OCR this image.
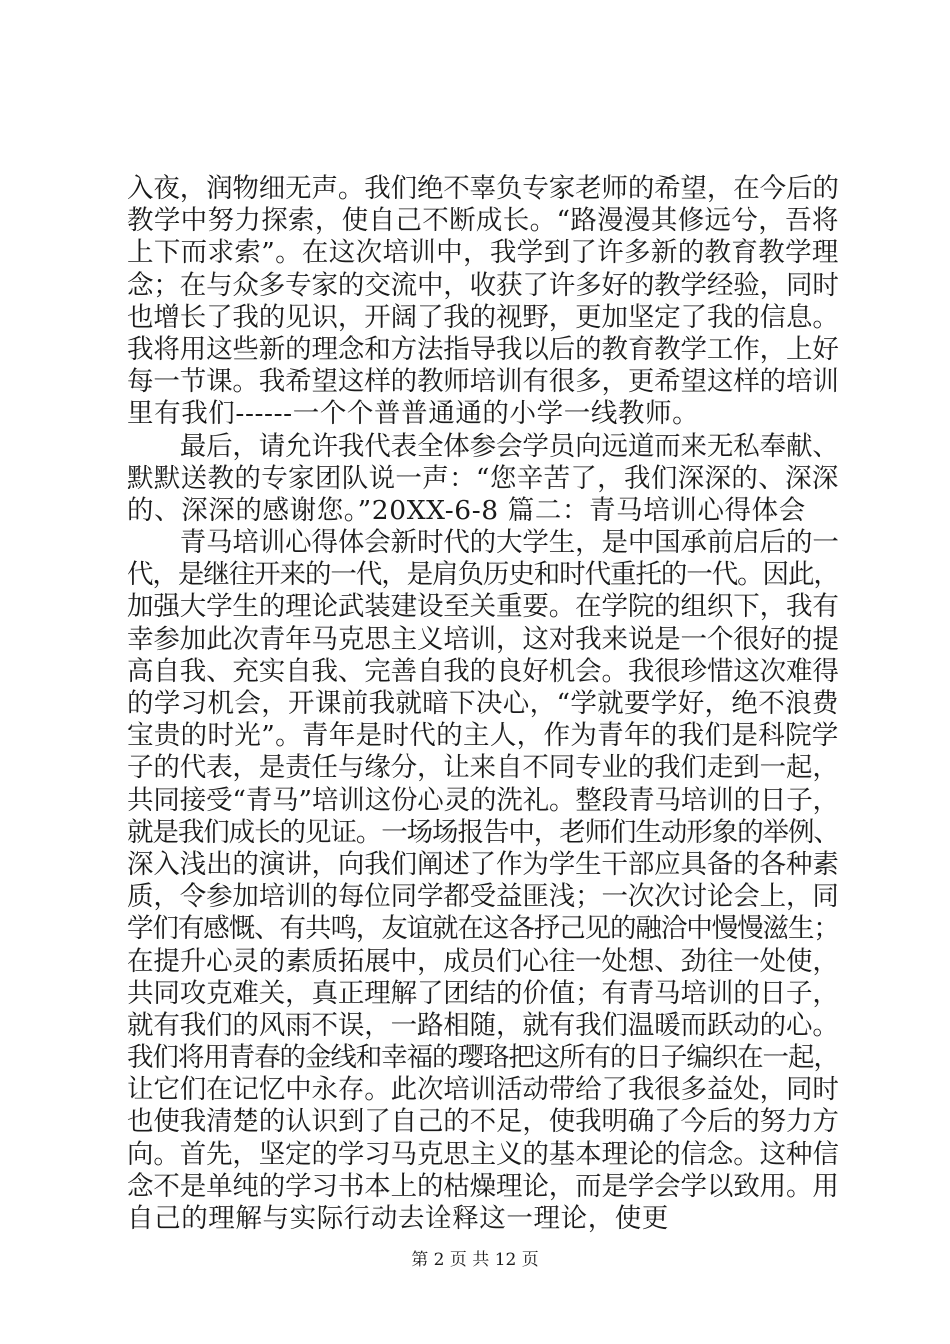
入夜，润物细无声。我们绝不辜负专家老师的希望，在今后的
教学中努力探索，使自己不断成长。“路漫漫其修远兮，吾将
上下而求索”。在这次培训中，我学到了许多新的教育教学理
念；在与众多专家的交流中，收获了许多好的教学经验，同时
也增长了我的见识，开阔了我的视野，更加坚定了我的信息。
我将用这些新的理念和方法指导我以后的教育教学工作，上好
每一节课。我希望这样的教师培训有很多，更希望这样的培训
里有我们------一个个普普通通的小学一线教师。
　　最后，请允许我代表全体参会学员向远道而来无私奉献、
默默送教的专家团队说一声：“您辛苦了，我们深深的、深深
的、深深的感谢您。”20XX-6-8 篇二：青马培训心得体会
　　青马培训心得体会新时代的大学生，是中国承前启后的一
代，是继往开来的一代，是肩负历史和时代重托的一代。因此，
加强大学生的理论武装建设至关重要。在学院的组织下，我有
幸参加此次青年马克思主义培训，这对我来说是一个很好的提
高自我、充实自我、完善自我的良好机会。我很珍惜这次难得
的学习机会，开课前我就暗下决心，“学就要学好，绝不浪费
宝贵的时光”。青年是时代的主人，作为青年的我们是科院学
子的代表，是责任与缘分，让来自不同专业的我们走到一起，
共同接受“青马”培训这份心灵的洗礼。整段青马培训的日子，
就是我们成长的见证。一场场报告中，老师们生动形象的举例、
深入浅出的演讲，向我们阐述了作为学生干部应具备的各种素
质，令参加培训的每位同学都受益匪浅；一次次讨论会上，同
学们有感慨、有共鸣，友谊就在这各抒己见的融洽中慢慢滋生；
在提升心灵的素质拓展中，成员们心往一处想、劲往一处使，
共同攻克难关，真正理解了团结的价值；有青马培训的日子，
就有我们的风雨不误，一路相随，就有我们温暖而跃动的心。
我们将用青春的金线和幸福的璎珞把这所有的日子编织在一起，
让它们在记忆中永存。此次培训活动带给了我很多益处，同时
也使我清楚的认识到了自己的不足，使我明确了今后的努力方
向。首先，坚定的学习马克思主义的基本理论的信念。这种信
念不是单纯的学习书本上的枯燥理论，而是学会学以致用。用
自己的理解与实际行动去诠释这一理论，使更
第 2 页 共 12 页
